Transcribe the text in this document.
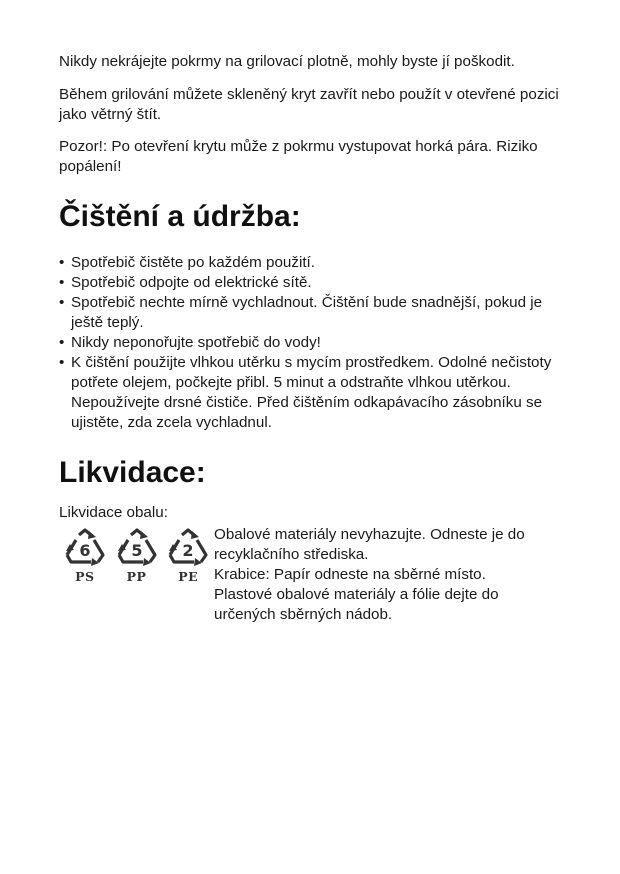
Nikdy nekrájejte pokrmy na grilovací plotně, mohly byste jí poškodit.

Během grilování můžete skleněný kryt zavřít nebo použít v otevřené pozici jako větrný štít.

Pozor!: Po otevření krytu může z pokrmu vystupovat horká pára. Riziko popálení!

Čištění a údržba:
• Spotřebič čistěte po každém použití.
• Spotřebič odpojte od elektrické sítě.
• Spotřebič nechte mírně vychladnout. Čištění bude snadnější, pokud je ještě teplý.
• Nikdy neponořujte spotřebič do vody!
• K čištění použijte vlhkou utěrku s mycím prostředkem. Odolné nečistoty potřete olejem, počkejte přibl. 5 minut a odstraňte vlhkou utěrkou. Nepoužívejte drsné čističe. Před čištěním odkapávacího zásobníku se ujistěte, zda zcela vychladnul.
Likvidace:

Likvidace obalu:

6
PS
5
PP
2
PE
Obalové materiály nevyhazujte. Odneste je do recyklačního střediska.
Krabice: Papír odneste na sběrné místo.
Plastové obalové materiály a fólie dejte do určených sběrných nádob.
